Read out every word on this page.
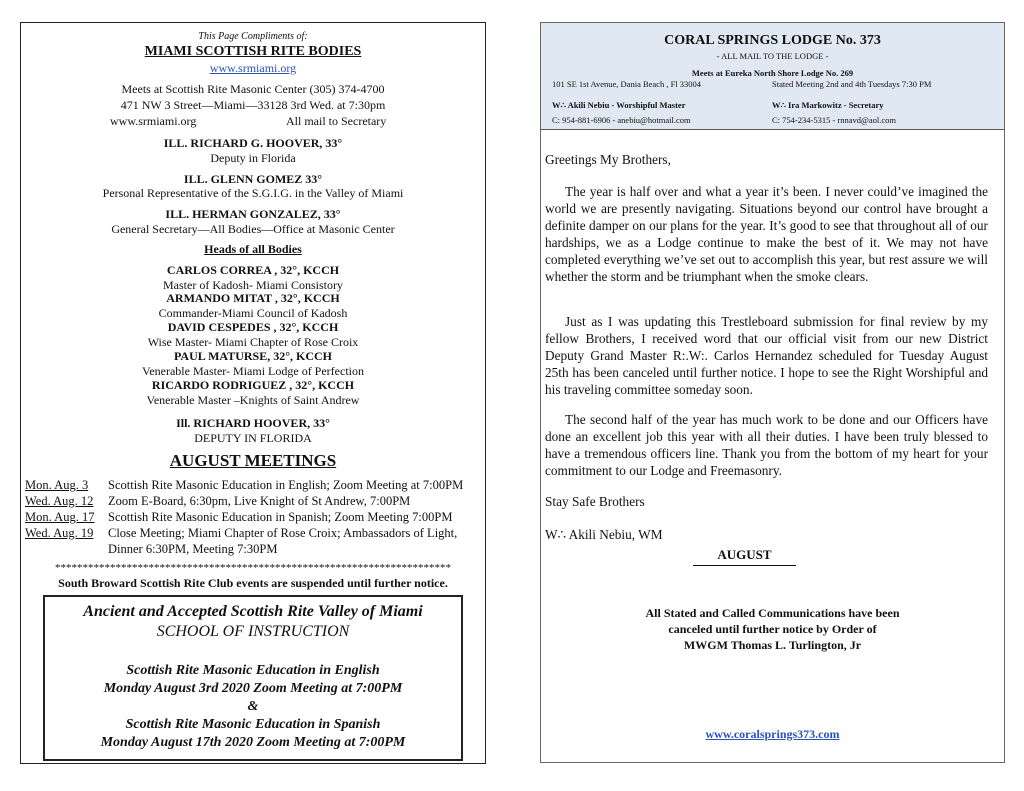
This Page Compliments of:
MIAMI SCOTTISH RITE BODIES
www.srmiami.org
Meets at Scottish Rite Masonic Center (305) 374-4700
471 NW 3 Street—Miami—33128 3rd Wed. at 7:30pm
www.srmiami.org	All mail to Secretary
ILL. RICHARD G. HOOVER, 33°
Deputy in Florida
ILL. GLENN GOMEZ 33°
Personal Representative of the S.G.I.G. in the Valley of Miami
ILL. HERMAN GONZALEZ, 33°
General Secretary—All Bodies—Office at Masonic Center
Heads of all Bodies
CARLOS CORREA , 32°, KCCH
Master of Kadosh- Miami Consistory
ARMANDO MITAT , 32°, KCCH
Commander-Miami Council of Kadosh
DAVID CESPEDES , 32°, KCCH
Wise Master- Miami Chapter of Rose Croix
PAUL MATURSE, 32°, KCCH
Venerable Master- Miami Lodge of Perfection
RICARDO RODRIGUEZ , 32°, KCCH
Venerable Master –Knights of Saint Andrew
Ill. RICHARD HOOVER, 33°
DEPUTY IN FLORIDA
AUGUST MEETINGS
Mon. Aug. 3 Scottish Rite Masonic Education in English; Zoom Meeting at 7:00PM
Wed. Aug. 12 Zoom E-Board, 6:30pm, Live Knight of St Andrew, 7:00PM
Mon. Aug. 17 Scottish Rite Masonic Education in Spanish; Zoom Meeting 7:00PM
Wed. Aug. 19 Close Meeting; Miami Chapter of Rose Croix; Ambassadors of Light,
Dinner 6:30PM, Meeting 7:30PM
************************************************************************
South Broward Scottish Rite Club events are suspended until further notice.
Ancient and Accepted Scottish Rite Valley of Miami
SCHOOL OF INSTRUCTION
Scottish Rite Masonic Education in English
Monday August 3rd 2020 Zoom Meeting at 7:00PM
&
Scottish Rite Masonic Education in Spanish
Monday August 17th 2020 Zoom Meeting at 7:00PM
CORAL SPRINGS LODGE No. 373
- ALL MAIL TO THE LODGE -
Meets at Eureka North Shore Lodge No. 269
101 SE 1st Avenue, Dania Beach , Fl 33004	Stated Meeting 2nd and 4th Tuesdays 7:30 PM
W∴ Akili Nebiu - Worshipful Master	W∴ Ira Markowitz - Secretary
C: 954-881-6906 - anebiu@hotmail.com	C: 754-234-5315 - rnnavd@aol.com
Greetings My Brothers,
The year is half over and what a year it’s been. I never could’ve imagined the world we are presently navigating. Situations beyond our control have brought a definite damper on our plans for the year. It’s good to see that throughout all of our hardships, we as a Lodge continue to make the best of it. We may not have completed everything we’ve set out to accomplish this year, but rest assure we will whether the storm and be triumphant when the smoke clears.
Just as I was updating this Trestleboard submission for final review by my fellow Brothers, I received word that our official visit from our new District Deputy Grand Master R:.W:. Carlos Hernandez scheduled for Tuesday August 25th has been canceled until further notice. I hope to see the Right Worshipful and his traveling committee someday soon.
The second half of the year has much work to be done and our Officers have done an excellent job this year with all their duties. I have been truly blessed to have a tremendous officers line. Thank you from the bottom of my heart for your commitment to our Lodge and Freemasonry.
Stay Safe Brothers
W∴ Akili Nebiu, WM
AUGUST
All Stated and Called Communications have been
canceled until further notice by Order of
MWGM Thomas L. Turlington, Jr
www.coralsprings373.com
